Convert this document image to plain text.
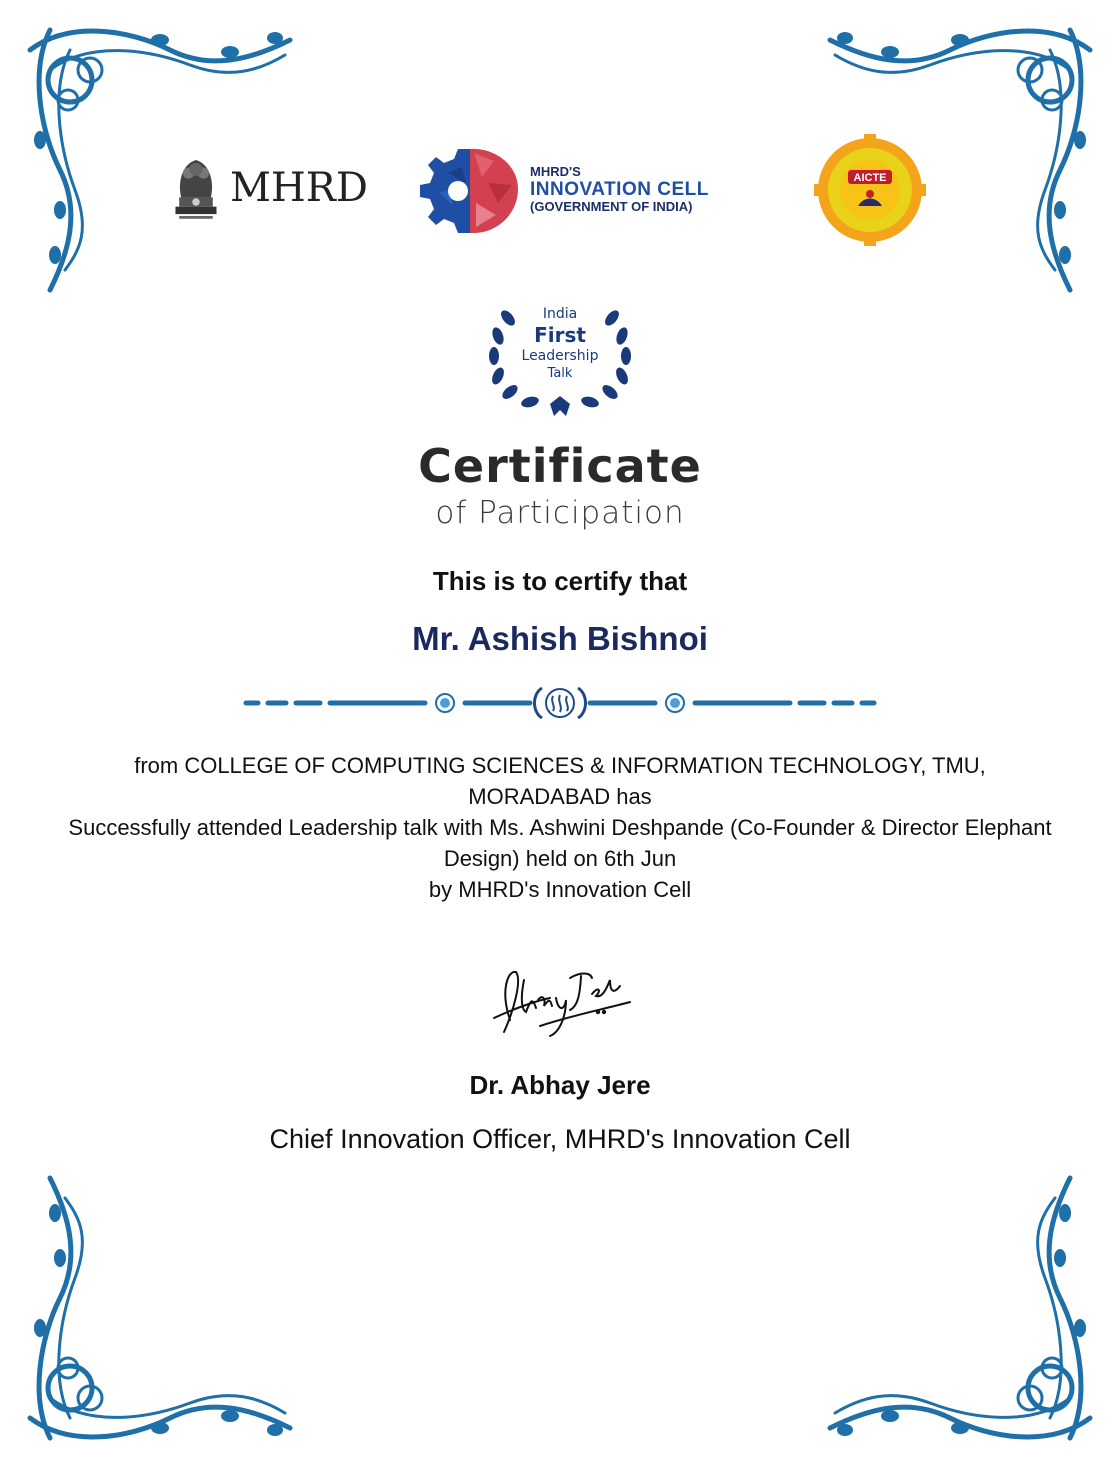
MHRD	MHRD'S
INNOVATION CELL
(GOVERNMENT OF INDIA)
AICTE
India
First
Leadership
Talk
Certificate
of Participation
This is to certify that
Mr. Ashish Bishnoi
from COLLEGE OF COMPUTING SCIENCES & INFORMATION TECHNOLOGY, TMU,
MORADABAD has
Successfully attended Leadership talk with Ms. Ashwini Deshpande (Co-Founder & Director Elephant
Design) held on 6th Jun
by MHRD's Innovation Cell
Dr. Abhay Jere
Chief Innovation Officer, MHRD's Innovation Cell
